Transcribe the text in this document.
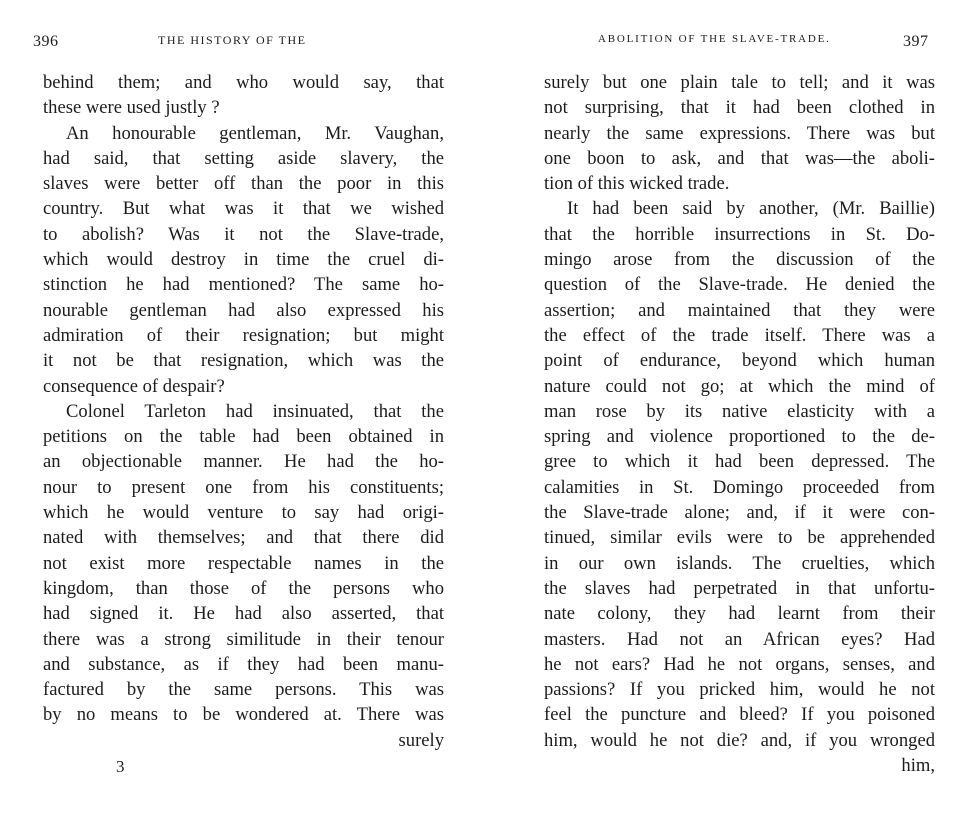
396	THE HISTORY OF THE
behind them; and who would say, that
these were used justly ?
An honourable gentleman, Mr. Vaughan,
had said, that setting aside slavery, the
slaves were better off than the poor in this
country. But what was it that we wished
to abolish? Was it not the Slave-trade,
which would destroy in time the cruel di-
stinction he had mentioned? The same ho-
nourable gentleman had also expressed his
admiration of their resignation; but might
it not be that resignation, which was the
consequence of despair?
Colonel Tarleton had insinuated, that the
petitions on the table had been obtained in
an objectionable manner. He had the ho-
nour to present one from his constituents;
which he would venture to say had origi-
nated with themselves; and that there did
not exist more respectable names in the
kingdom, than those of the persons who
had signed it. He had also asserted, that
there was a strong similitude in their tenour
and substance, as if they had been manu-
factured by the same persons. This was
by no means to be wondered at. There was
surely
3
ABOLITION OF THE SLAVE-TRADE.	397
surely but one plain tale to tell; and it was
not surprising, that it had been clothed in
nearly the same expressions. There was but
one boon to ask, and that was—the aboli-
tion of this wicked trade.
It had been said by another, (Mr. Baillie)
that the horrible insurrections in St. Do-
mingo arose from the discussion of the
question of the Slave-trade. He denied the
assertion; and maintained that they were
the effect of the trade itself. There was a
point of endurance, beyond which human
nature could not go; at which the mind of
man rose by its native elasticity with a
spring and violence proportioned to the de-
gree to which it had been depressed. The
calamities in St. Domingo proceeded from
the Slave-trade alone; and, if it were con-
tinued, similar evils were to be apprehended
in our own islands. The cruelties, which
the slaves had perpetrated in that unfortu-
nate colony, they had learnt from their
masters. Had not an African eyes? Had
he not ears? Had he not organs, senses, and
passions? If you pricked him, would he not
feel the puncture and bleed? If you poisoned
him, would he not die? and, if you wronged
him,
